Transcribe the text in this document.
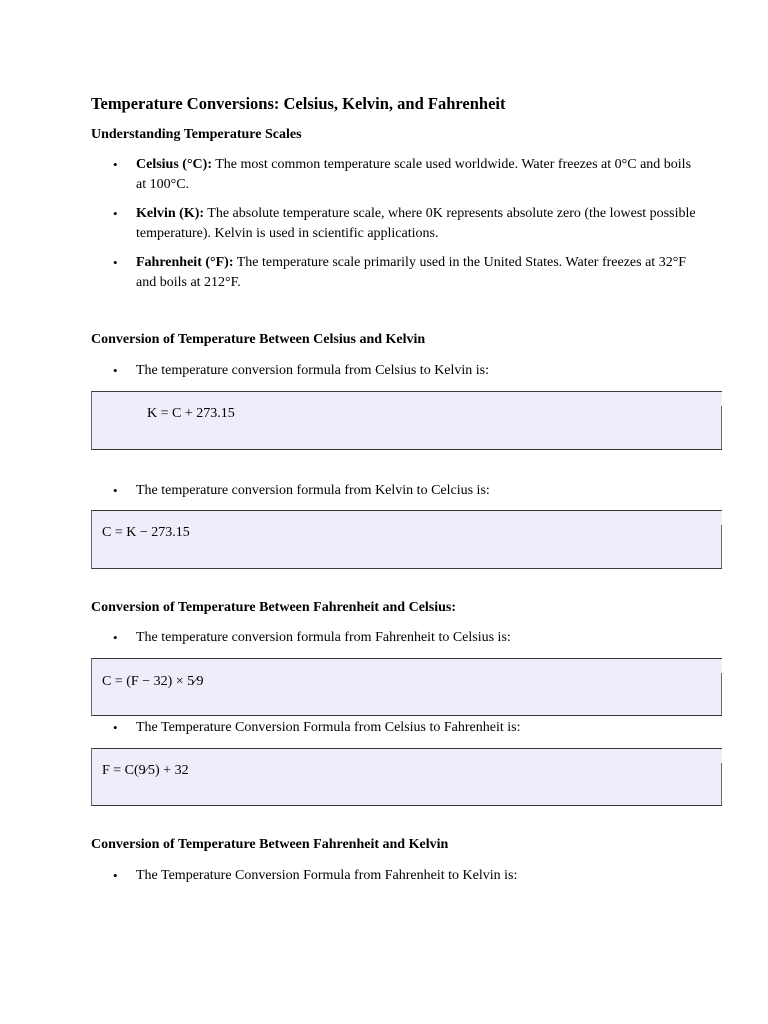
Temperature Conversions: Celsius, Kelvin, and Fahrenheit
Understanding Temperature Scales

• Celsius (°C): The most common temperature scale used worldwide. Water freezes at 0°C and boils at 100°C.

• Kelvin (K): The absolute temperature scale, where 0K represents absolute zero (the lowest possible temperature). Kelvin is used in scientific applications.

• Fahrenheit (°F): The temperature scale primarily used in the United States. Water freezes at 32°F and boils at 212°F.

Conversion of Temperature Between Celsius and Kelvin

• The temperature conversion formula from Celsius to Kelvin is:

K = C + 273.15

• The temperature conversion formula from Kelvin to Celcius is:

C = K − 273.15
Conversion of Temperature Between Fahrenheit and Celsius:

• The temperature conversion formula from Fahrenheit to Celsius is:

C = (F − 32) × 5⁄9

• The Temperature Conversion Formula from Celsius to Fahrenheit is:

F = C(9⁄5) + 32
Conversion of Temperature Between Fahrenheit and Kelvin

• The Temperature Conversion Formula from Fahrenheit to Kelvin is:
